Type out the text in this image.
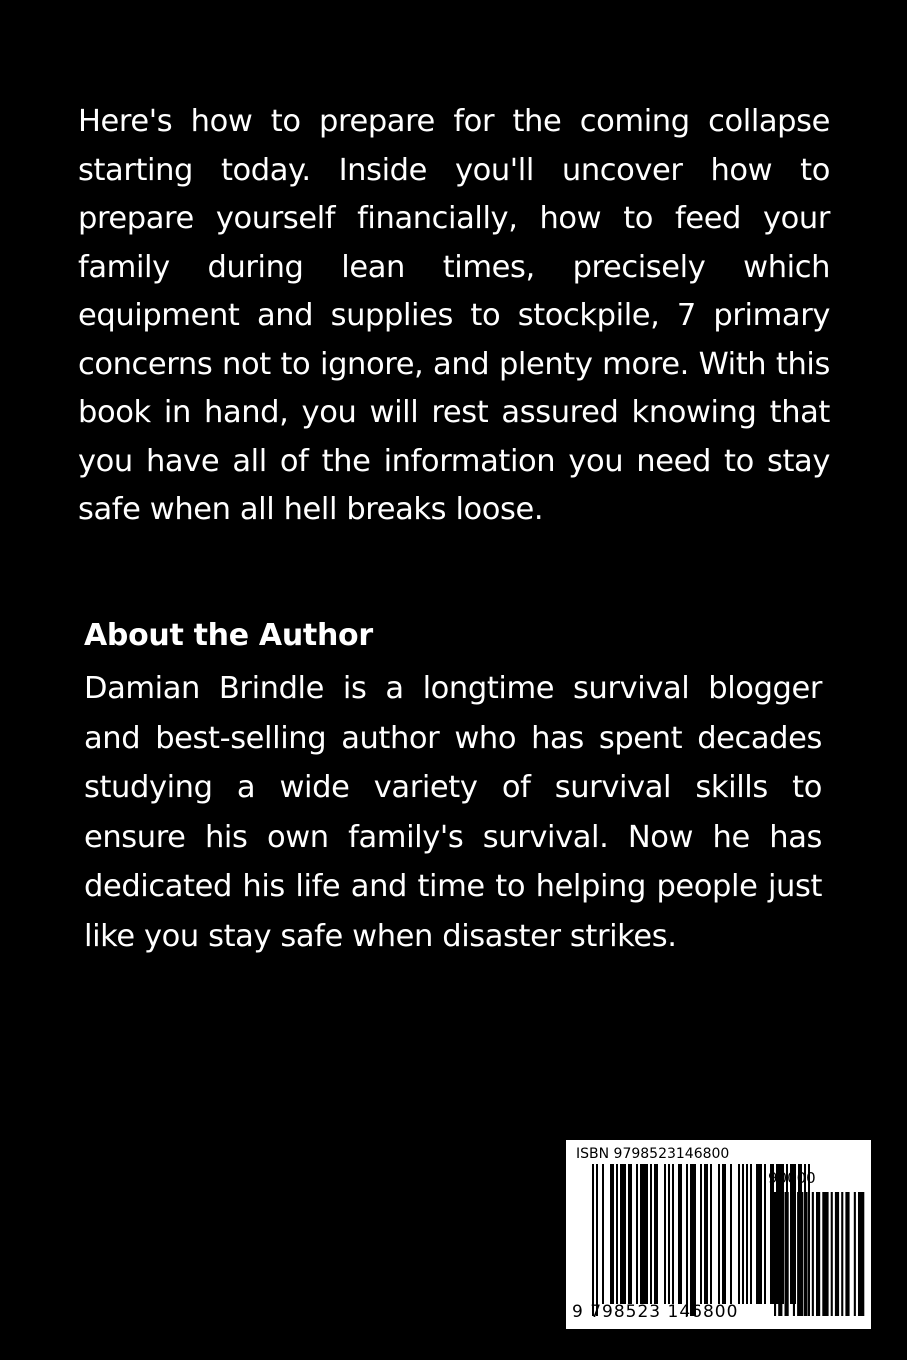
Here's how to prepare for the coming collapse starting today. Inside you'll uncover how to prepare yourself financially, how to feed your family during lean times, precisely which equipment and supplies to stockpile, 7 primary concerns not to ignore, and plenty more. With this book in hand, you will rest assured knowing that you have all of the information you need to stay safe when all hell breaks loose.

About the Author

Damian Brindle is a longtime survival blogger and best-selling author who has spent decades studying a wide variety of survival skills to ensure his own family's survival. Now he has dedicated his life and time to helping people just like you stay safe when disaster strikes.

ISBN 9798523146800
90000
9 798523 146800
